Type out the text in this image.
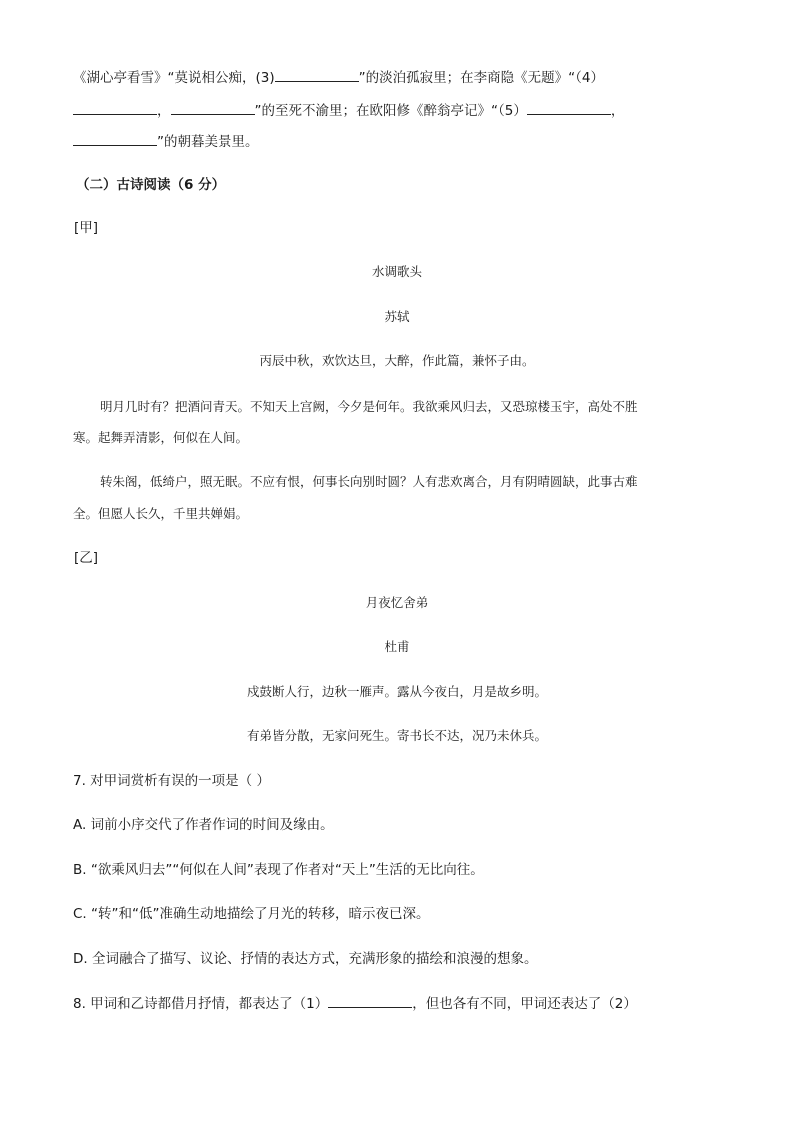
《湖心亭看雪》“莫说相公痴，(3)	”的淡泊孤寂里；在李商隐《无题》“（4）
，	”的至死不渝里；在欧阳修《醉翁亭记》“（5）	，
”的朝暮美景里。
（二）古诗阅读（6 分）
[甲]
水调歌头
苏轼
丙辰中秋，欢饮达旦，大醉，作此篇，兼怀子由。
明月几时有？把酒问青天。不知天上宫阙，今夕是何年。我欲乘风归去，又恐琼楼玉宇，高处不胜
寒。起舞弄清影，何似在人间。
转朱阁，低绮户，照无眠。不应有恨，何事长向别时圆？人有悲欢离合，月有阴晴圆缺，此事古难
全。但愿人长久，千里共婵娟。
[乙]
月夜忆舍弟
杜甫
戍鼓断人行，边秋一雁声。露从今夜白，月是故乡明。
有弟皆分散，无家问死生。寄书长不达，况乃未休兵。
7. 对甲词赏析有误的一项是（ ）
A. 词前小序交代了作者作词的时间及缘由。
B. “欲乘风归去”“何似在人间”表现了作者对“天上”生活的无比向往。
C. “转”和“低”准确生动地描绘了月光的转移，暗示夜已深。
D. 全词融合了描写、议论、抒情的表达方式，充满形象的描绘和浪漫的想象。
8. 甲词和乙诗都借月抒情，都表达了（1）	，但也各有不同，甲词还表达了（2）
